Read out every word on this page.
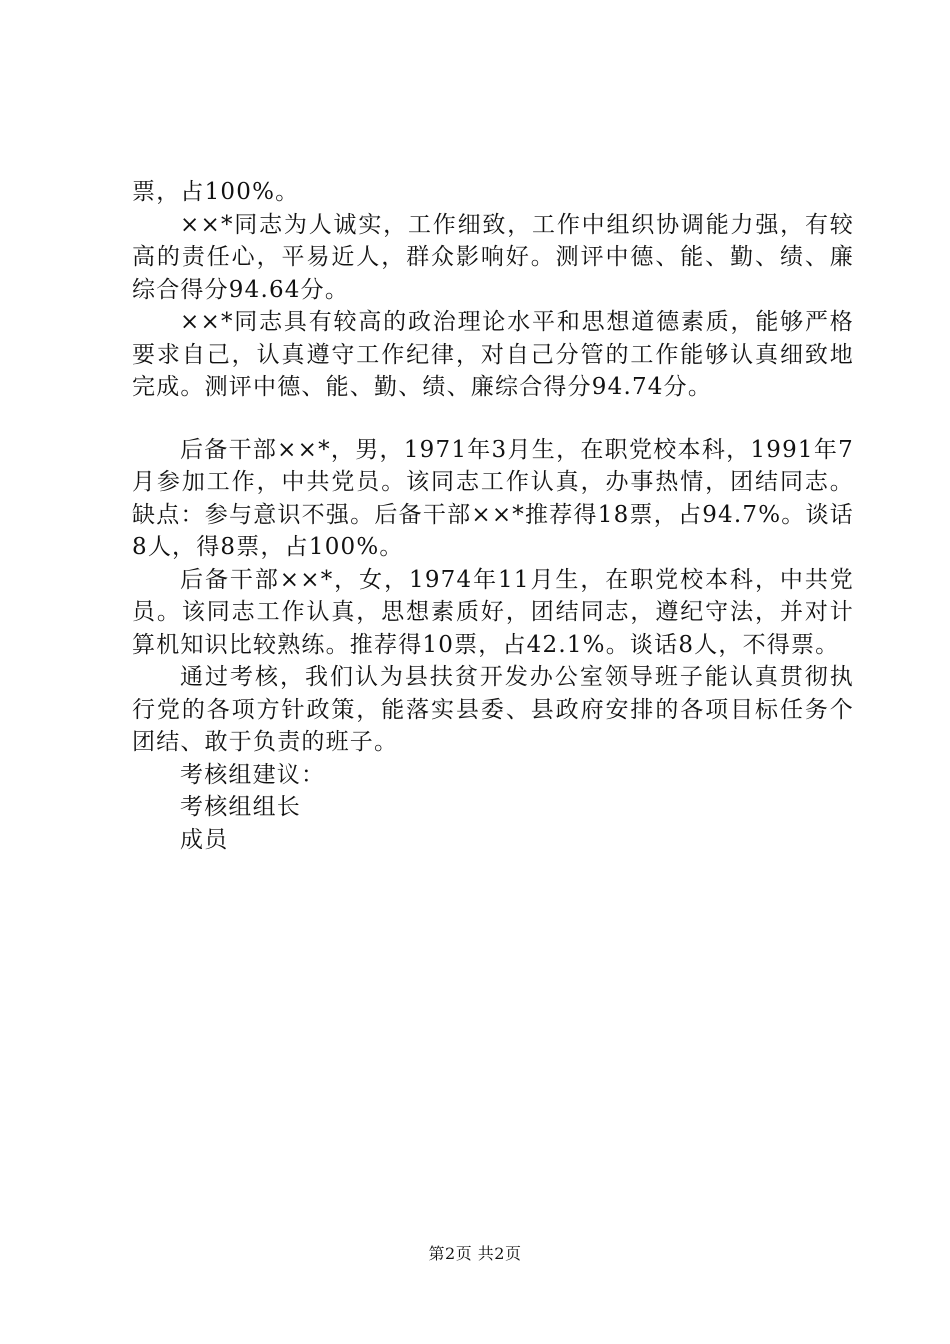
票，占100%。

××*同志为人诚实，工作细致，工作中组织协调能力强，有较高的责任心，平易近人，群众影响好。测评中德、能、勤、绩、廉综合得分94.64分。

××*同志具有较高的政治理论水平和思想道德素质，能够严格要求自己，认真遵守工作纪律，对自己分管的工作能够认真细致地完成。测评中德、能、勤、绩、廉综合得分94.74分。

后备干部××*，男，1971年3月生，在职党校本科，1991年7月参加工作，中共党员。该同志工作认真，办事热情，团结同志。缺点：参与意识不强。后备干部××*推荐得18票，占94.7%。谈话8人，得8票，占100%。

后备干部××*，女，1974年11月生，在职党校本科，中共党员。该同志工作认真，思想素质好，团结同志，遵纪守法，并对计算机知识比较熟练。推荐得10票，占42.1%。谈话8人，不得票。

通过考核，我们认为县扶贫开发办公室领导班子能认真贯彻执行党的各项方针政策，能落实县委、县政府安排的各项目标任务个团结、敢于负责的班子。

考核组建议：

考核组组长

成员

第2页 共2页
